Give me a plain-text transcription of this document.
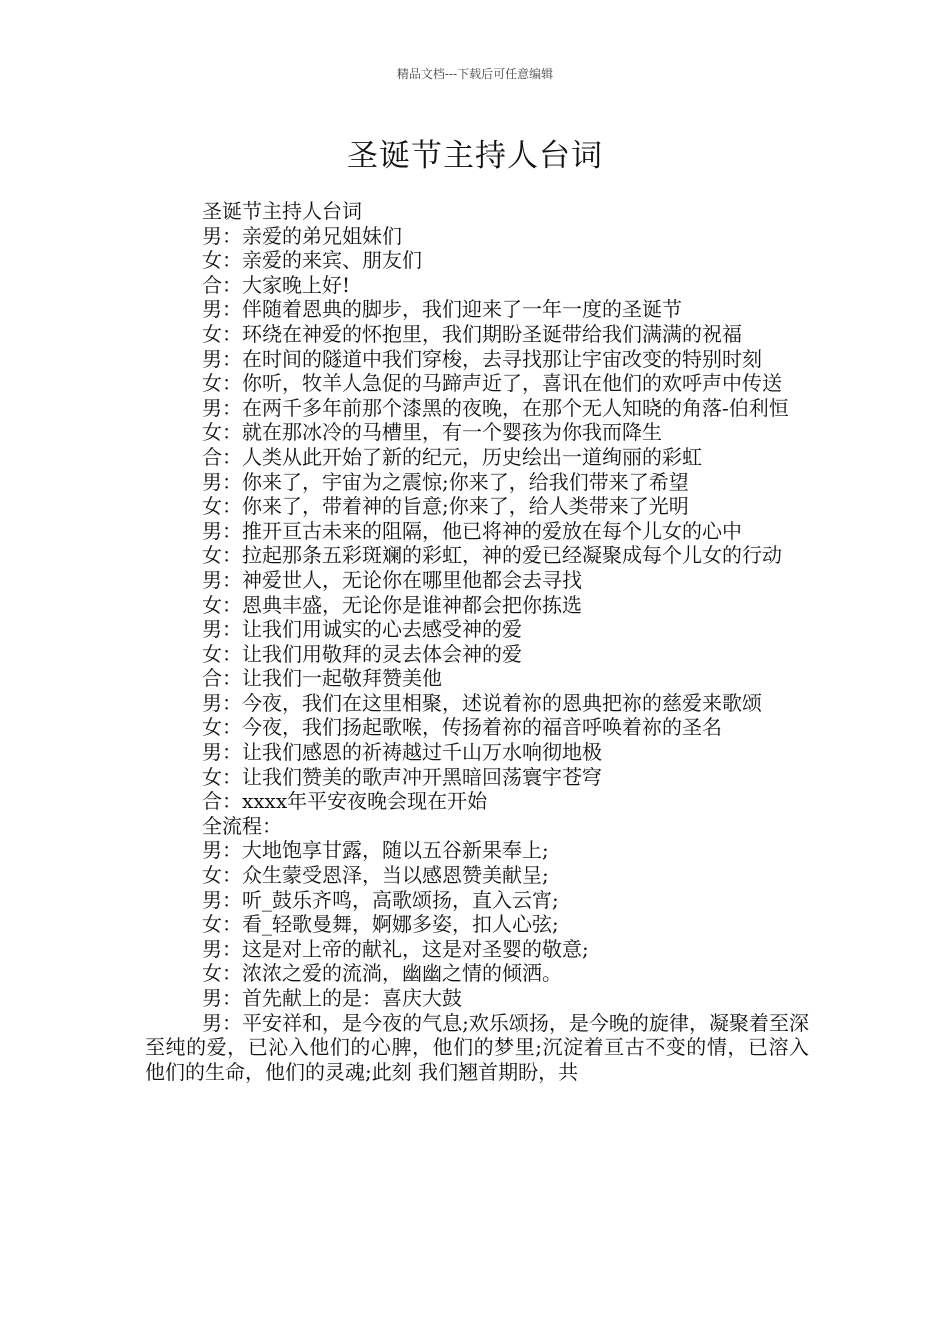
精品文档---下载后可任意编辑
圣诞节主持人台词

圣诞节主持人台词

男：亲爱的弟兄姐妹们

女：亲爱的来宾、朋友们

合：大家晚上好!

男：伴随着恩典的脚步，我们迎来了一年一度的圣诞节

女：环绕在神爱的怀抱里，我们期盼圣诞带给我们满满的祝福

男：在时间的隧道中我们穿梭，去寻找那让宇宙改变的特别时刻

女：你听，牧羊人急促的马蹄声近了，喜讯在他们的欢呼声中传送

男：在两千多年前那个漆黑的夜晚，在那个无人知晓的角落-伯利恒

女：就在那冰冷的马槽里，有一个婴孩为你我而降生

合：人类从此开始了新的纪元，历史绘出一道绚丽的彩虹

男：你来了，宇宙为之震惊;你来了，给我们带来了希望

女：你来了，带着神的旨意;你来了，给人类带来了光明

男：推开亘古未来的阻隔，他已将神的爱放在每个儿女的心中

女：拉起那条五彩斑斓的彩虹，神的爱已经凝聚成每个儿女的行动

男：神爱世人，无论你在哪里他都会去寻找

女：恩典丰盛，无论你是谁神都会把你拣选

男：让我们用诚实的心去感受神的爱

女：让我们用敬拜的灵去体会神的爱

合：让我们一起敬拜赞美他

男：今夜，我们在这里相聚，述说着祢的恩典把祢的慈爱来歌颂

女：今夜，我们扬起歌喉，传扬着祢的福音呼唤着祢的圣名

男：让我们感恩的祈祷越过千山万水响彻地极

女：让我们赞美的歌声冲开黑暗回荡寰宇苍穹

合：xxxx年平安夜晚会现在开始

全流程：

男：大地饱享甘露，随以五谷新果奉上;

女：众生蒙受恩泽，当以感恩赞美献呈;

男：听_鼓乐齐鸣，高歌颂扬，直入云宵;

女：看_轻歌曼舞，婀娜多姿，扣人心弦;

男：这是对上帝的献礼，这是对圣婴的敬意;

女：浓浓之爱的流淌，幽幽之情的倾洒。

男：首先献上的是：喜庆大鼓

男：平安祥和，是今夜的气息;欢乐颂扬，是今晚的旋律，凝聚着至深至纯的爱，已沁入他们的心脾，他们的梦里;沉淀着亘古不变的情，已溶入他们的生命，他们的灵魂;此刻 我们翘首期盼，共
